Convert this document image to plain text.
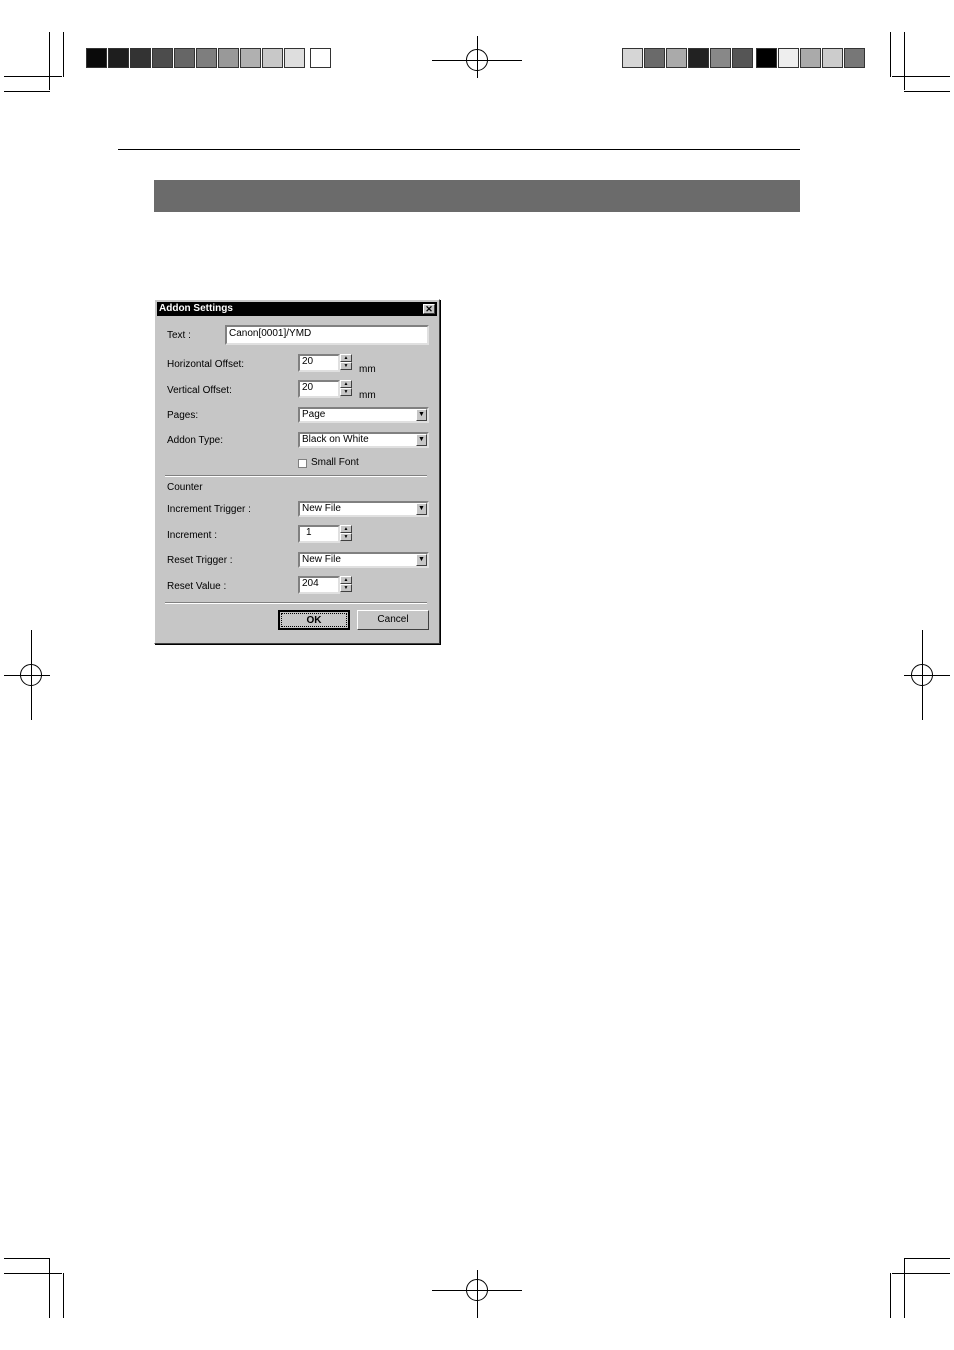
Addon Settings	✕
Text :	Canon[0001]/YMD
Horizontal Offset:	20	▲
▼	mm
Vertical Offset:	20	▲
▼	mm
Pages:	Page	▼
Addon Type:	Black on White	▼
Small Font
Counter
Increment Trigger :	New File	▼
Increment :	1	▲
▼
Reset Trigger :	New File	▼
Reset Value :	204	▲
▼
OK	Cancel
